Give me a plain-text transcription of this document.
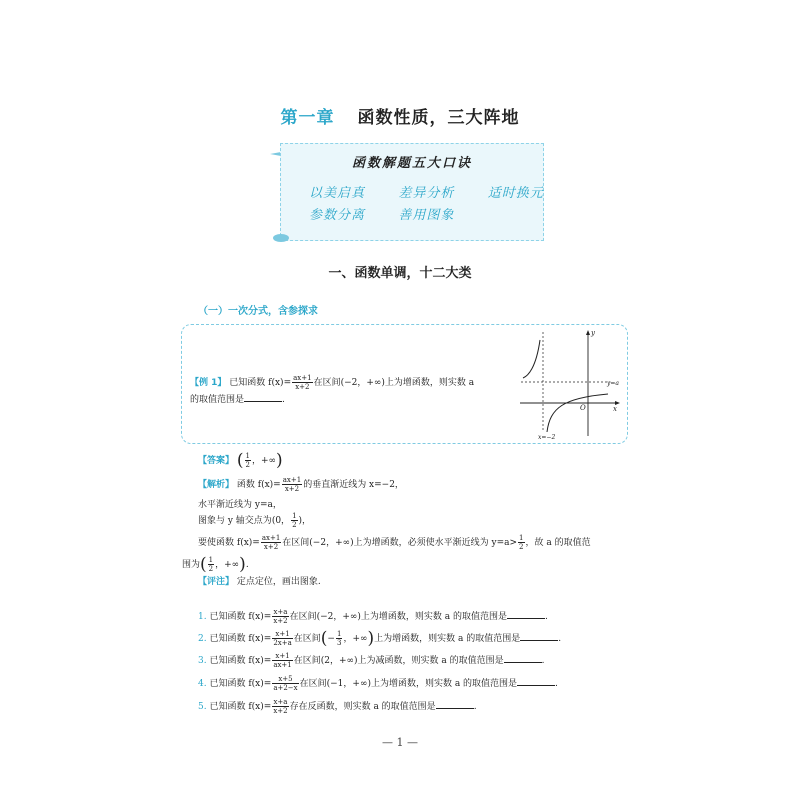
第一章 函数性质，三大阵地
函数解题五大口诀
以美启真   差异分析   适时换元
参数分离   善用图象
一、函数单调，十二大类
（一）一次分式，含参探求
【例 1】 已知函数 $f(x)= \frac{ax+1}{x+2}$ 在区间(−2，+∞)上为增函数，则实数 a
的取值范围是	.
y
x
O
y=a
x=−2
【答案】 ( $\frac{1}{2}$ ，+∞)
【解析】 函数 $f(x)= \frac{ax+1}{x+2}$ 的垂直渐近线为 x=−2，
水平渐近线为 y=a，
图象与 y 轴交点为(0， $\frac{1}{2}$ )，
要使函数 $f(x)= \frac{ax+1}{x+2}$ 在区间(−2，+∞)上为增函数，必须使水平渐近线为 $y=a> \frac{1}{2}$ ，故 a 的取值范
围为( $\frac{1}{2}$ ，+∞).
【评注】 定点定位，画出图象.
1. 已知函数 $f(x)= \frac{x+a}{x+2}$ 在区间(−2，+∞)上为增函数，则实数 a 的取值范围是	.
2. 已知函数 $f(x)= \frac{x+1}{2x+a}$ 在区间(− $\frac{1}{3}$ ，+∞)上为增函数，则实数 a 的取值范围是	.
3. 已知函数 $f(x)= \frac{x+1}{ax+1}$ 在区间(2，+∞)上为减函数，则实数 a 的取值范围是	.
4. 已知函数 $f(x)= \frac{x+5}{a+2-x}$ 在区间(−1，+∞)上为增函数，则实数 a 的取值范围是	.
5. 已知函数 $f(x)= \frac{x+a}{x+2}$ 存在反函数，则实数 a 的取值范围是	.
— 1 —
